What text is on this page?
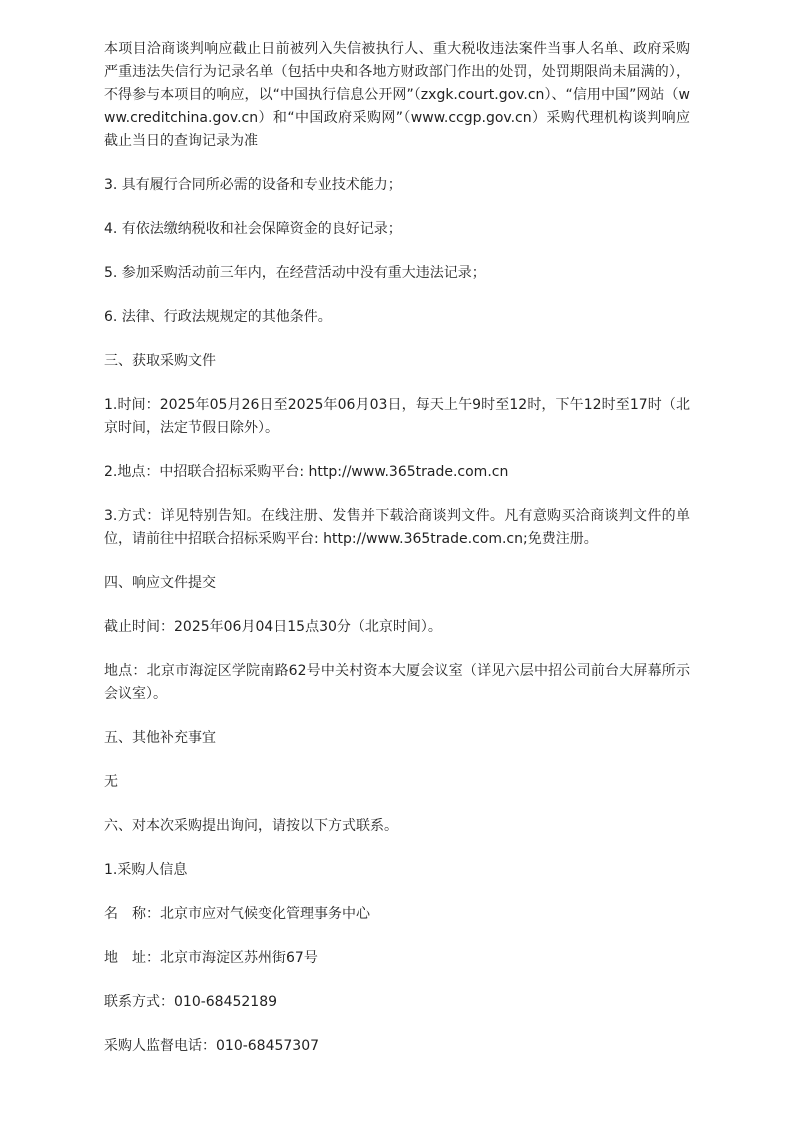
本项目洽商谈判响应截止日前被列入失信被执行人、重大税收违法案件当事人名单、政府采购严重违法失信行为记录名单（包括中央和各地方财政部门作出的处罚，处罚期限尚未届满的），不得参与本项目的响应，以“中国执行信息公开网”（zxgk.court.gov.cn）、“信用中国”网站（www.creditchina.gov.cn）和“中国政府采购网”（www.ccgp.gov.cn）采购代理机构谈判响应截止当日的查询记录为准

3. 具有履行合同所必需的设备和专业技术能力；

4. 有依法缴纳税收和社会保障资金的良好记录；

5. 参加采购活动前三年内，在经营活动中没有重大违法记录；

6. 法律、行政法规规定的其他条件。

三、获取采购文件

1.时间：2025年05月26日至2025年06月03日，每天上午9时至12时，下午12时至17时（北京时间，法定节假日除外）。

2.地点：中招联合招标采购平台: http://www.365trade.com.cn

3.方式：详见特别告知。在线注册、发售并下载洽商谈判文件。凡有意购买洽商谈判文件的单位，请前往中招联合招标采购平台: http://www.365trade.com.cn;免费注册。

四、响应文件提交

截止时间：2025年06月04日15点30分（北京时间）。

地点：北京市海淀区学院南路62号中关村资本大厦会议室（详见六层中招公司前台大屏幕所示会议室）。

五、其他补充事宜

无

六、对本次采购提出询问，请按以下方式联系。

1.采购人信息

名　称：北京市应对气候变化管理事务中心

地　址：北京市海淀区苏州街67号

联系方式：010-68452189

采购人监督电话：010-68457307
